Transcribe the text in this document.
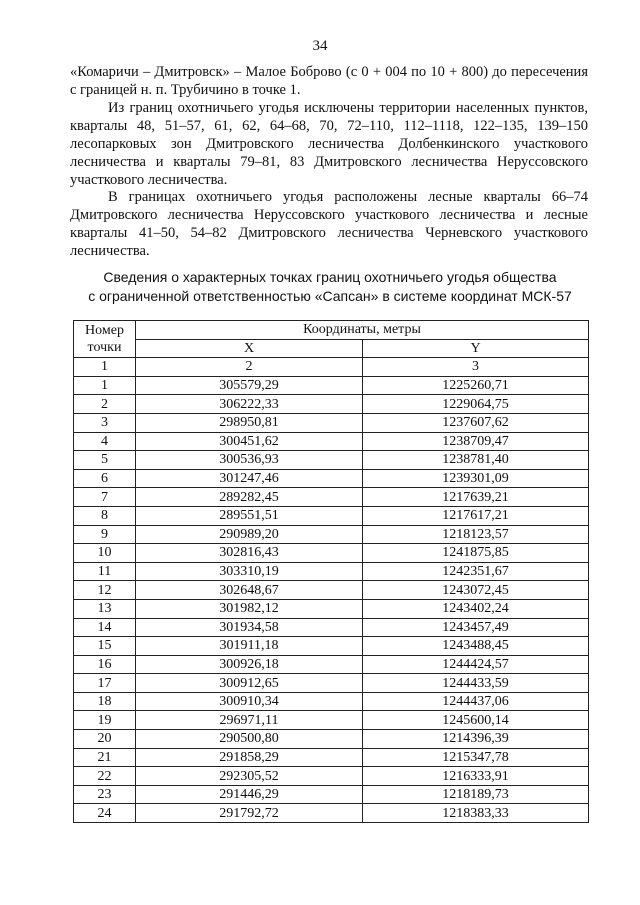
34

«Комаричи – Дмитровск» – Малое Боброво (с 0 + 004 по 10 + 800) до пересечения с границей н. п. Трубичино в точке 1.

Из границ охотничьего угодья исключены территории населенных пунктов, кварталы 48, 51–57, 61, 62, 64–68, 70, 72–110, 112–1118, 122–135, 139–150 лесопарковых зон Дмитровского лесничества Долбенкинского участкового лесничества и кварталы 79–81, 83 Дмитровского лесничества Неруссовского участкового лесничества.

В границах охотничьего угодья расположены лесные кварталы 66–74 Дмитровского лесничества Неруссовского участкового лесничества и лесные кварталы 41–50, 54–82 Дмитровского лесничества Черневского участкового лесничества.

Сведения о характерных точках границ охотничьего угодья общества
с ограниченной ответственностью «Сапсан» в системе координат МСК-57
Номер
точки	Координаты, метры	
	X	Y
1	2	3
1	305579,29	1225260,71
2	306222,33	1229064,75
3	298950,81	1237607,62
4	300451,62	1238709,47
5	300536,93	1238781,40
6	301247,46	1239301,09
7	289282,45	1217639,21
8	289551,51	1217617,21
9	290989,20	1218123,57
10	302816,43	1241875,85
11	303310,19	1242351,67
12	302648,67	1243072,45
13	301982,12	1243402,24
14	301934,58	1243457,49
15	301911,18	1243488,45
16	300926,18	1244424,57
17	300912,65	1244433,59
18	300910,34	1244437,06
19	296971,11	1245600,14
20	290500,80	1214396,39
21	291858,29	1215347,78
22	292305,52	1216333,91
23	291446,29	1218189,73
24	291792,72	1218383,33
